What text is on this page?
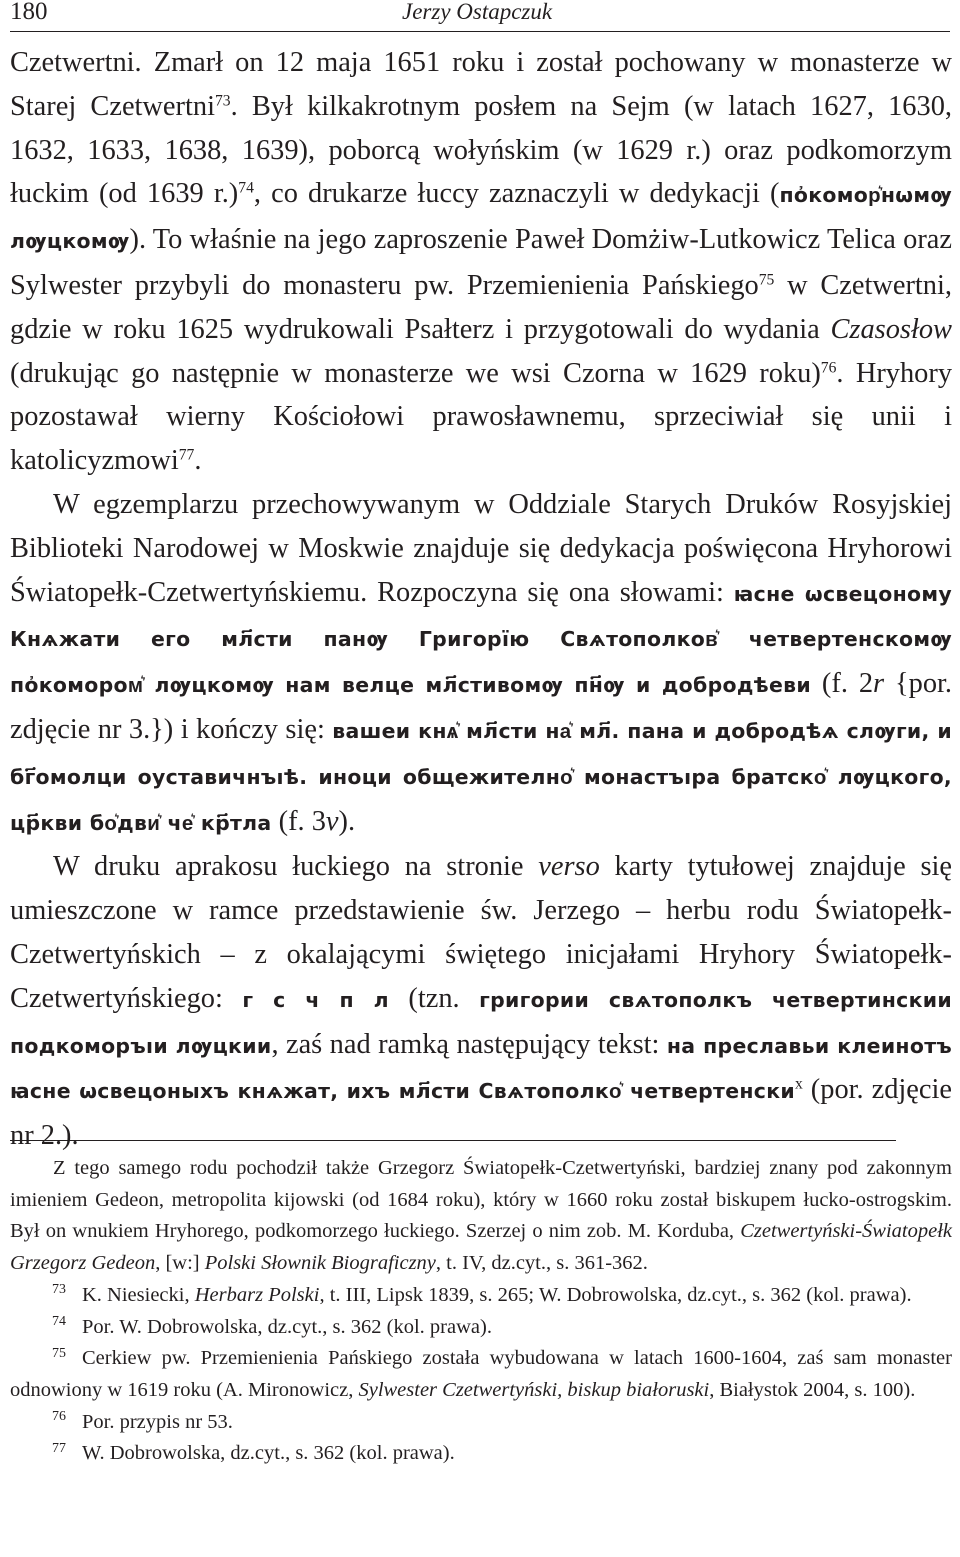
180	Jerzy Ostapczuk

Czetwertni. Zmarł on 12 maja 1651 roku i został pochowany w monasterze w Starej Czetwertni$^{73}$. Był kilkakrotnym posłem na Sejm (w latach 1627, 1630, 1632, 1633, 1638, 1639), poborcą wołyńskim (w 1629 r.) oraz podkomorzym łuckim (od 1639 r.)$^{74}$, co drukarze łuccy zaznaczyli w dedykacji (по҆комор͛нѡмѹ лѹцкомѹ). To właśnie na jego zaproszenie Paweł Domżiw-Lutkowicz Telica oraz Sylwester przybyli do monasteru pw. Przemienienia Pańskiego$^{75}$ w Czetwertni, gdzie w roku 1625 wydrukowali Psałterz i przygotowali do wydania Czasosłow (drukując go następnie w monasterze we wsi Czorna w 1629 roku)$^{76}$. Hryhory pozostawał wierny Kościołowi prawosławnemu, sprzeciwiał się unii i katolicyzmowi$^{77}$.

W egzemplarzu przechowywanym w Oddziale Starych Druków Rosyjskiej Biblioteki Narodowej w Moskwie znajduje się dedykacja poświęcona Hryhorowi Światopełk-Czetwertyńskiemu. Rozpoczyna się ona słowami: ꙗсне ѡсвецоному Кнѧжати его мл҃сти панѹ Григорїю Свѧтополков͛ четвертенскомѹ по҆комором͛ лѹцкомѹ нам велце мл҃стивомѹ пн҃ѹ и добродѣеви (f. 2r {por. zdjęcie nr 3.}) i kończy się: вашеи кнѧ͛ мл҃сти на͛ мл҃. пана и добродѣѧ слѹги, и бг҃омолци оуставичнъıѣ. иноци общежително͛ монастъıра братско͛ лѹцкого, цр҃кви бо͛дви͛ че͛ кр҃тла (f. 3v).

W druku aprakosu łuckiego na stronie verso karty tytułowej znajduje się umieszczone w ramce przedstawienie św. Jerzego – herbu rodu Światopełk-Czetwertyńskich – z okalającymi świętego inicjałami Hryhory Światopełk-Czetwertyńskiego: г с ч п л (tzn. григории свѧтополкъ четвертинскии подкоморъıи лѹцкии, zaś nad ramką następujący tekst: на преславьи клеинотъ ꙗсне ѡсвецоныхъ кнѧжат, ихъ мл҃сти Свѧтополко͛ четвертенски$^х$ (por. zdjęcie nr 2.).

Z tego samego rodu pochodził także Grzegorz Światopełk-Czetwertyński, bardziej znany pod zakonnym imieniem Gedeon, metropolita kijowski (od 1684 roku), który w 1660 roku został biskupem łucko-ostrogskim. Był on wnukiem Hryhorego, podkomorzego łuckiego. Szerzej o nim zob. M. Korduba, Czetwertyński-Światopełk Grzegorz Gedeon, [w:] Polski Słownik Biograficzny, t. IV, dz.cyt., s. 361-362.

73 K. Niesiecki, Herbarz Polski, t. III, Lipsk 1839, s. 265; W. Dobrowolska, dz.cyt., s. 362 (kol. prawa).

74 Por. W. Dobrowolska, dz.cyt., s. 362 (kol. prawa).

75 Cerkiew pw. Przemienienia Pańskiego została wybudowana w latach 1600-1604, zaś sam monaster odnowiony w 1619 roku (A. Mironowicz, Sylwester Czetwertyński, biskup białoruski, Białystok 2004, s. 100).

76 Por. przypis nr 53.

77 W. Dobrowolska, dz.cyt., s. 362 (kol. prawa).
